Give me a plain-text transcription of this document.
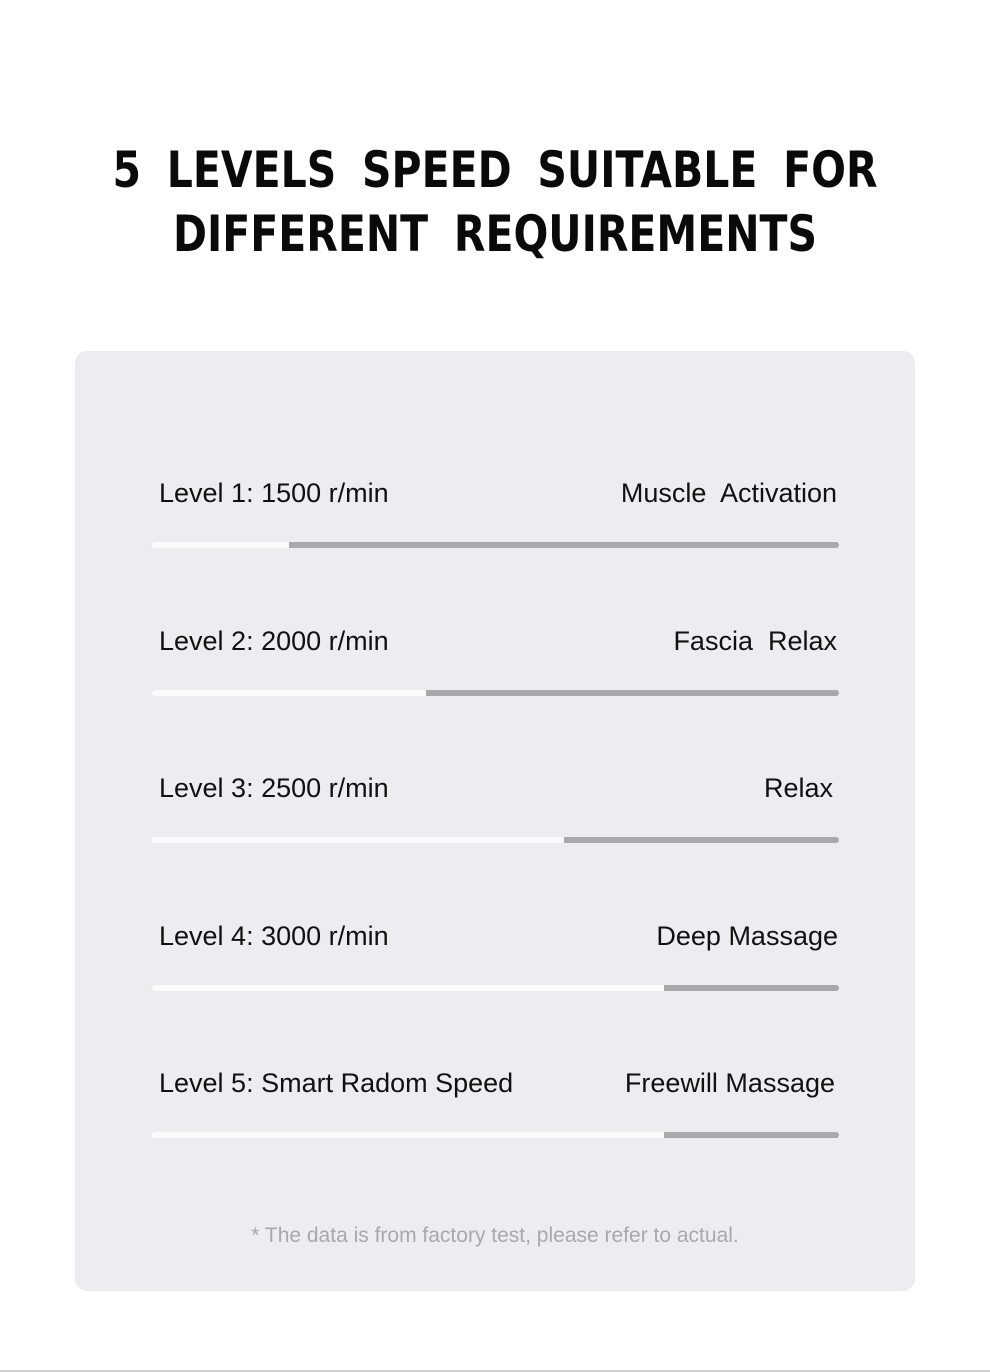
5 LEVELS SPEED SUITABLE FOR
DIFFERENT REQUIREMENTS
Level 1: 1500 r/min	Muscle  Activation
Level 2: 2000 r/min	Fascia  Relax
Level 3: 2500 r/min	Relax
Level 4: 3000 r/min	Deep Massage
Level 5: Smart Radom Speed	Freewill Massage
* The data is from factory test, please refer to actual.
